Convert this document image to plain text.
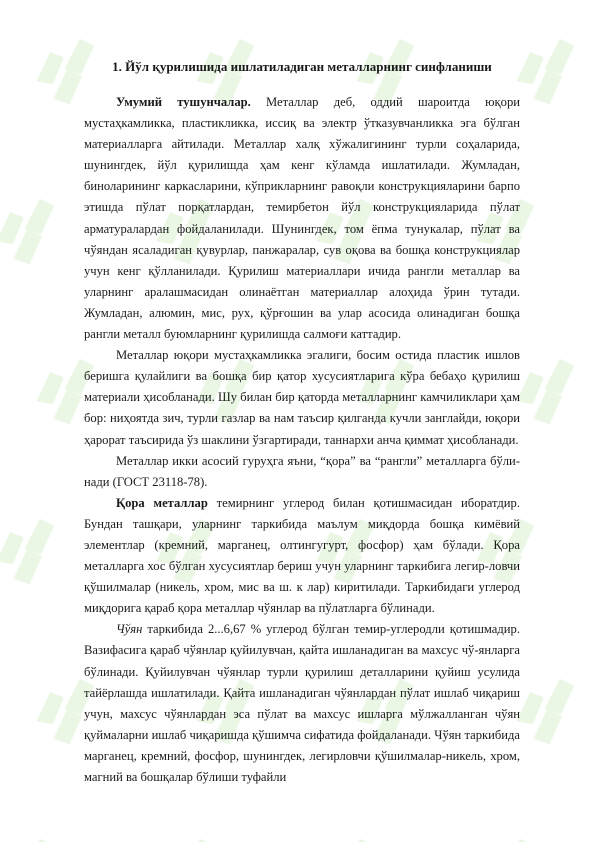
1. Йўл қурилишида ишлатиладиган металларнинг синфланиши

Умумий тушунчалар. Металлар деб, оддий шароитда юқори мустаҳкамликка, пластикликка, иссиқ ва электр ўтказувчанликка эга бўлган материалларга айтилади. Металлар халқ хўжалигининг турли соҳаларида, шунингдек, йўл қурилишда ҳам кенг кўламда ишлатилади. Жумладан, биноларининг каркасларини, кўприкларнинг равоқли конструкцияларини барпо этишда пўлат порқатлардан, темирбетон йўл конструкцияларида пўлат арматуралардан фойдаланилади. Шунингдек, том ёпма тунукалар, пўлат ва чўяндан ясаладиган қувурлар, панжаралар, сув оқова ва бошқа конструкциялар учун кенг қўлланилади. Қурилиш материаллари ичида рангли металлар ва уларнинг аралашмасидан олинаётган материаллар алоҳида ўрин тутади. Жумладан, алюмин, мис, рух, қўрғошин ва улар асосида олинадиган бошқа рангли металл буюмларнинг қурилишда салмоғи каттадир.

Металлар юқори мустаҳкамликка эгалиги, босим остида пластик ишлов беришга қулайлиги ва бошқа бир қатор хусусиятларига кўра бебаҳо қурилиш материали ҳисобланади. Шу билан бир қаторда металларнинг камчиликлари ҳам бор: ниҳоятда зич, турли газлар ва нам таъсир қилганда кучли занглайди, юқори ҳарорат таъсирида ўз шаклини ўзгартиради, таннархи анча қиммат ҳисобланади.

Металлар икки асосий гуруҳга яъни, “қора” ва “рангли” металларга бўли-нади (ГОСТ 23118-78).

Қора металлар темирнинг углерод билан қотишмасидан иборатдир. Бундан ташқари, уларнинг таркибида маълум миқдорда бошқа кимёвий элементлар (кремний, марганец, олтингугурт, фосфор) ҳам бўлади. Қора металларга хос бўлган хусусиятлар бериш учун уларнинг таркибига легир-ловчи қўшилмалар (никель, хром, мис ва ш. к лар) киритилади. Таркибидаги углерод миқдорига қараб қора металлар чўянлар ва пўлатларга бўлинади.

Чўян таркибида 2...6,67 % углерод бўлган темир-углеродли қотишмадир. Вазифасига қараб чўянлар қуйилувчан, қайта ишланадиган ва махсус чў-янларга бўлинади. Қуйилувчан чўянлар турли қурилиш деталларини қуйиш усулида тайёрлашда ишлатилади. Қайта ишланадиган чўянлардан пўлат ишлаб чиқариш учун, махсус чўянлардан эса пўлат ва махсус ишларга мўлжалланган чўян қуймаларни ишлаб чиқаришда қўшимча сифатида фойдаланади. Чўян таркибида марганец, кремний, фосфор, шунингдек, легирловчи қўшилмалар-никель, хром, магний ва бошқалар бўлиши туфайли
